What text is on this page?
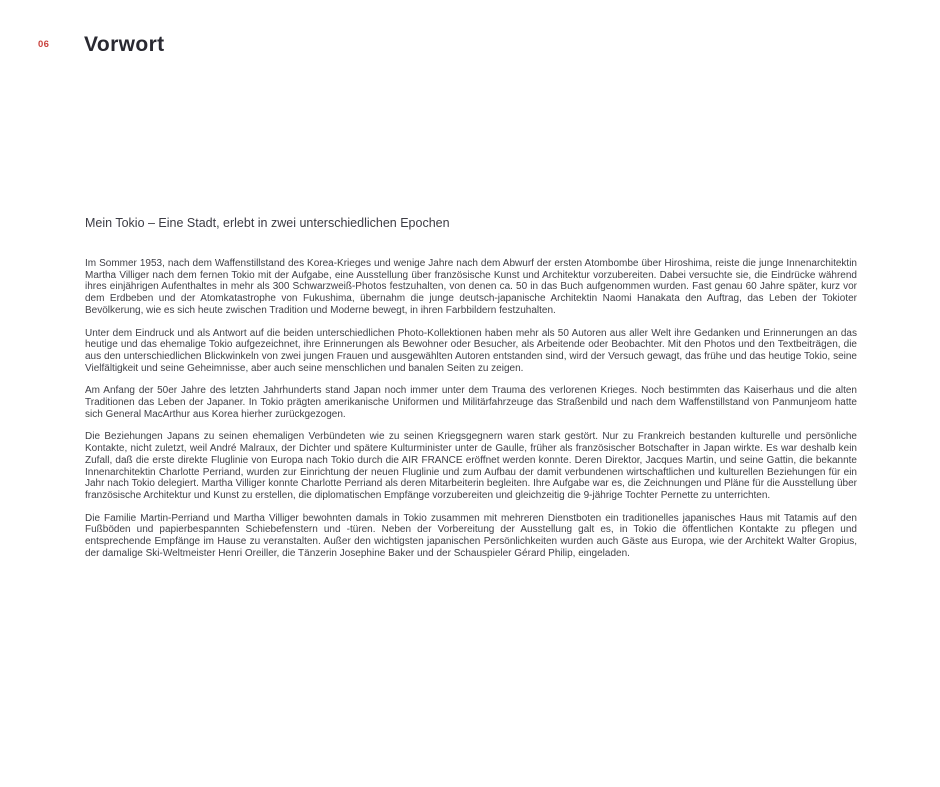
06 Vorwort
Mein Tokio – Eine Stadt, erlebt in zwei unterschiedlichen Epochen

Im Sommer 1953, nach dem Waffenstillstand des Korea-Krieges und wenige Jahre nach dem Abwurf der ersten Atombombe über Hiroshima, reiste die junge Innenarchitektin Martha Villiger nach dem fernen Tokio mit der Aufgabe, eine Ausstellung über französische Kunst und Architektur vorzubereiten. Dabei versuchte sie, die Eindrücke während ihres einjährigen Aufenthaltes in mehr als 300 Schwarzweiß-Photos festzuhalten, von denen ca. 50 in das Buch aufgenommen wurden. Fast genau 60 Jahre später, kurz vor dem Erdbeben und der Atomkatastrophe von Fukushima, übernahm die junge deutsch-japanische Architektin Naomi Hanakata den Auftrag, das Leben der Tokioter Bevölkerung, wie es sich heute zwischen Tradition und Moderne bewegt, in ihren Farbbildern festzuhalten.

Unter dem Eindruck und als Antwort auf die beiden unterschiedlichen Photo-Kollektionen haben mehr als 50 Autoren aus aller Welt ihre Gedanken und Erinnerungen an das heutige und das ehemalige Tokio aufgezeichnet, ihre Erinnerungen als Bewohner oder Besucher, als Arbeitende oder Beobachter. Mit den Photos und den Textbeiträgen, die aus den unterschiedlichen Blickwinkeln von zwei jungen Frauen und ausgewählten Autoren entstanden sind, wird der Versuch gewagt, das frühe und das heutige Tokio, seine Vielfältigkeit und seine Geheimnisse, aber auch seine menschlichen und banalen Seiten zu zeigen.

Am Anfang der 50er Jahre des letzten Jahrhunderts stand Japan noch immer unter dem Trauma des verlorenen Krieges. Noch bestimmten das Kaiserhaus und die alten Traditionen das Leben der Japaner. In Tokio prägten amerikanische Uniformen und Militärfahrzeuge das Straßenbild und nach dem Waffenstillstand von Panmunjeom hatte sich General MacArthur aus Korea hierher zurückgezogen.

Die Beziehungen Japans zu seinen ehemaligen Verbündeten wie zu seinen Kriegsgegnern waren stark gestört. Nur zu Frankreich bestanden kulturelle und persönliche Kontakte, nicht zuletzt, weil André Malraux, der Dichter und spätere Kulturminister unter de Gaulle, früher als französischer Botschafter in Japan wirkte. Es war deshalb kein Zufall, daß die erste direkte Fluglinie von Europa nach Tokio durch die AIR FRANCE eröffnet werden konnte. Deren Direktor, Jacques Martin, und seine Gattin, die bekannte Innenarchitektin Charlotte Perriand, wurden zur Einrichtung der neuen Fluglinie und zum Aufbau der damit verbundenen wirtschaftlichen und kulturellen Beziehungen für ein Jahr nach Tokio delegiert. Martha Villiger konnte Charlotte Perriand als deren Mitarbeiterin begleiten. Ihre Aufgabe war es, die Zeichnungen und Pläne für die Ausstellung über französische Architektur und Kunst zu erstellen, die diplomatischen Empfänge vorzubereiten und gleichzeitig die 9-jährige Tochter Pernette zu unterrichten.

Die Familie Martin-Perriand und Martha Villiger bewohnten damals in Tokio zusammen mit mehreren Dienstboten ein traditionelles japanisches Haus mit Tatamis auf den Fußböden und papierbespannten Schiebefenstern und -türen. Neben der Vorbereitung der Ausstellung galt es, in Tokio die öffentlichen Kontakte zu pflegen und entsprechende Empfänge im Hause zu veranstalten. Außer den wichtigsten japanischen Persönlichkeiten wurden auch Gäste aus Europa, wie der Architekt Walter Gropius, der damalige Ski-Weltmeister Henri Oreiller, die Tänzerin Josephine Baker und der Schauspieler Gérard Philip, eingeladen.
